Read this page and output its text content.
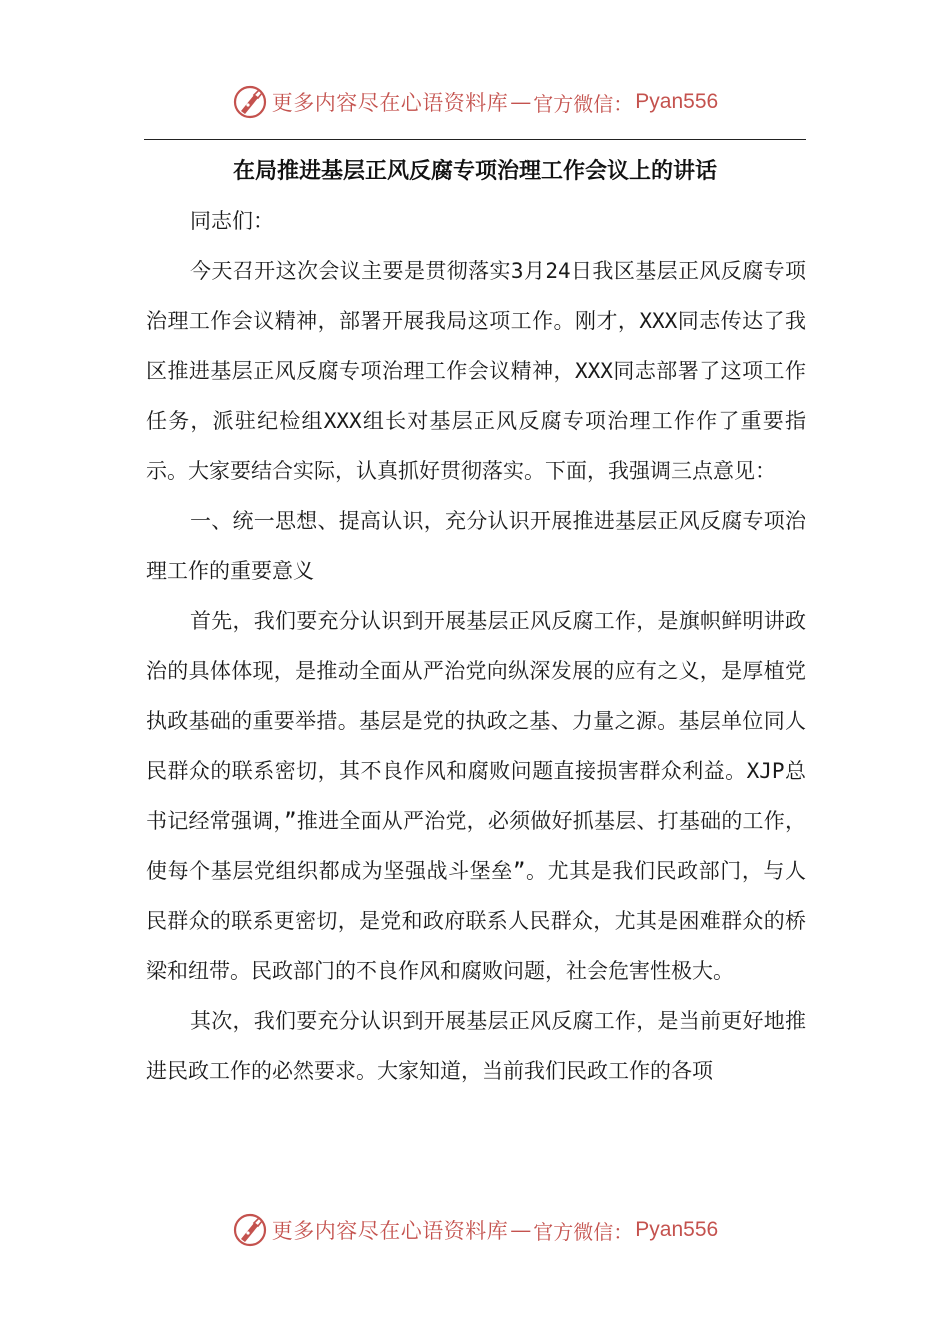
更多内容尽在心语资料库 — 官方微信： Pyan556
在局推进基层正风反腐专项治理工作会议上的讲话

同志们：

今天召开这次会议主要是贯彻落实3月24日我区基层正风反腐专项治理工作会议精神，部署开展我局这项工作。刚才，XXX同志传达了我区推进基层正风反腐专项治理工作会议精神，XXX同志部署了这项工作任务，派驻纪检组XXX组长对基层正风反腐专项治理工作作了重要指示。大家要结合实际，认真抓好贯彻落实。下面，我强调三点意见：

一、统一思想、提高认识，充分认识开展推进基层正风反腐专项治理工作的重要意义

首先，我们要充分认识到开展基层正风反腐工作，是旗帜鲜明讲政治的具体体现，是推动全面从严治党向纵深发展的应有之义，是厚植党执政基础的重要举措。基层是党的执政之基、力量之源。基层单位同人民群众的联系密切，其不良作风和腐败问题直接损害群众利益。XJP总书记经常强调，”推进全面从严治党，必须做好抓基层、打基础的工作，使每个基层党组织都成为坚强战斗堡垒”。尤其是我们民政部门，与人民群众的联系更密切，是党和政府联系人民群众，尤其是困难群众的桥梁和纽带。民政部门的不良作风和腐败问题，社会危害性极大。

其次，我们要充分认识到开展基层正风反腐工作，是当前更好地推进民政工作的必然要求。大家知道，当前我们民政工作的各项

更多内容尽在心语资料库 — 官方微信： Pyan556
